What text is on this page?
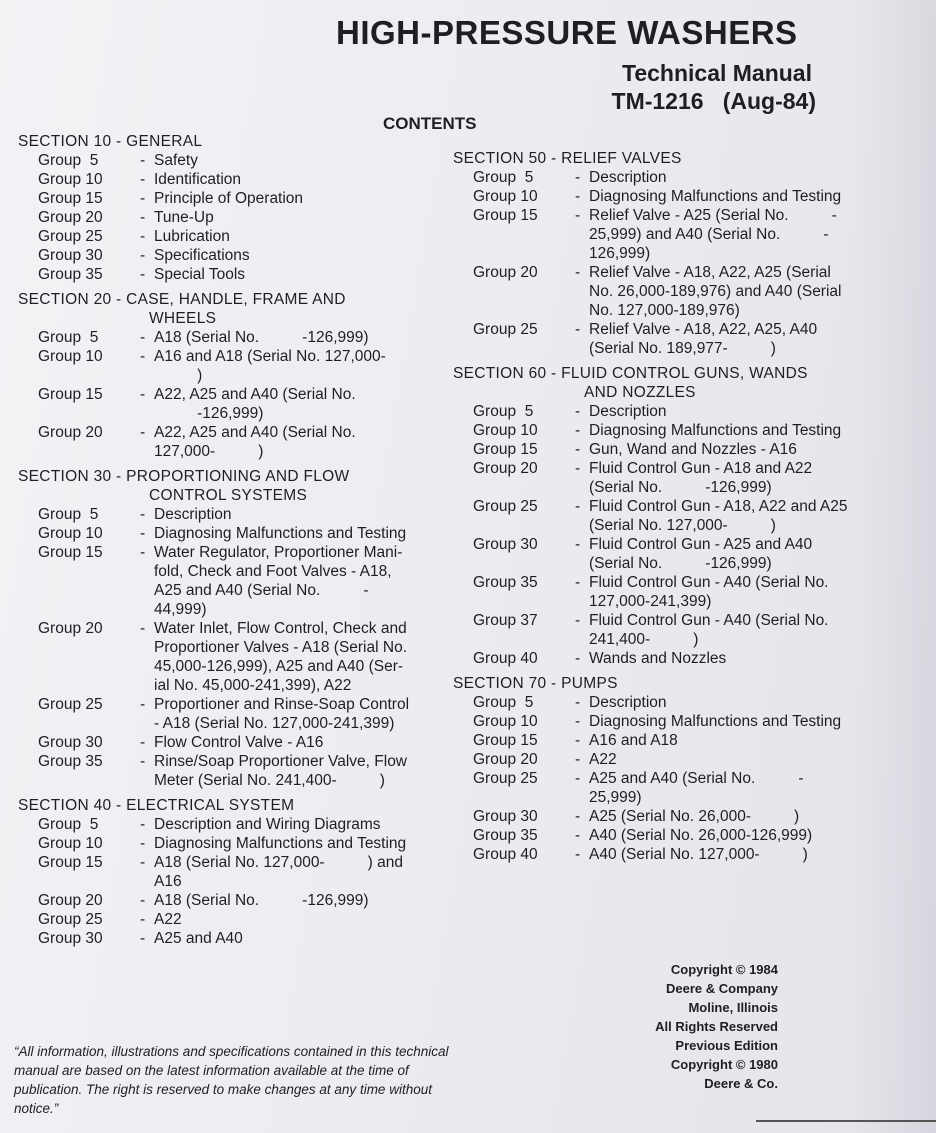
HIGH-PRESSURE WASHERS
Technical Manual
TM-1216   (Aug-84)
CONTENTS
SECTION 10 - GENERAL
Group  5	- Safety
Group 10	- Identification
Group 15	- Principle of Operation
Group 20	- Tune-Up
Group 25	- Lubrication
Group 30	- Specifications
Group 35	- Special Tools
SECTION 20 - CASE, HANDLE, FRAME AND
WHEELS
Group  5	- A18 (Serial No.          -126,999)
Group 10	- A16 and A18 (Serial No. 127,000-
)
Group 15	- A22, A25 and A40 (Serial No.
-126,999)
Group 20	- A22, A25 and A40 (Serial No.
127,000-          )
SECTION 30 - PROPORTIONING AND FLOW
CONTROL SYSTEMS
Group  5	- Description
Group 10	- Diagnosing Malfunctions and Testing
Group 15	- Water Regulator, Proportioner Mani-
fold, Check and Foot Valves - A18,
A25 and A40 (Serial No.          -
44,999)
Group 20	- Water Inlet, Flow Control, Check and
Proportioner Valves - A18 (Serial No.
45,000-126,999), A25 and A40 (Ser-
ial No. 45,000-241,399), A22
Group 25	- Proportioner and Rinse-Soap Control
- A18 (Serial No. 127,000-241,399)
Group 30	- Flow Control Valve - A16
Group 35	- Rinse/Soap Proportioner Valve, Flow
Meter (Serial No. 241,400-          )
SECTION 40 - ELECTRICAL SYSTEM
Group  5	- Description and Wiring Diagrams
Group 10	- Diagnosing Malfunctions and Testing
Group 15	- A18 (Serial No. 127,000-          ) and
A16
Group 20	- A18 (Serial No.          -126,999)
Group 25	- A22
Group 30	- A25 and A40
SECTION 50 - RELIEF VALVES
Group  5	- Description
Group 10	- Diagnosing Malfunctions and Testing
Group 15	- Relief Valve - A25 (Serial No.          -
25,999) and A40 (Serial No.          -
126,999)
Group 20	- Relief Valve - A18, A22, A25 (Serial
No. 26,000-189,976) and A40 (Serial
No. 127,000-189,976)
Group 25	- Relief Valve - A18, A22, A25, A40
(Serial No. 189,977-          )
SECTION 60 - FLUID CONTROL GUNS, WANDS
AND NOZZLES
Group  5	- Description
Group 10	- Diagnosing Malfunctions and Testing
Group 15	- Gun, Wand and Nozzles - A16
Group 20	- Fluid Control Gun - A18 and A22
(Serial No.          -126,999)
Group 25	- Fluid Control Gun - A18, A22 and A25
(Serial No. 127,000-          )
Group 30	- Fluid Control Gun - A25 and A40
(Serial No.          -126,999)
Group 35	- Fluid Control Gun - A40 (Serial No.
127,000-241,399)
Group 37	- Fluid Control Gun - A40 (Serial No.
241,400-          )
Group 40	- Wands and Nozzles
SECTION 70 - PUMPS
Group  5	- Description
Group 10	- Diagnosing Malfunctions and Testing
Group 15	- A16 and A18
Group 20	- A22
Group 25	- A25 and A40 (Serial No.          -
25,999)
Group 30	- A25 (Serial No. 26,000-          )
Group 35	- A40 (Serial No. 26,000-126,999)
Group 40	- A40 (Serial No. 127,000-          )
Copyright © 1984
Deere & Company
Moline, Illinois
All Rights Reserved
Previous Edition
Copyright © 1980
Deere & Co.
“All information, illustrations and specifications contained in this technical manual are based on the latest information available at the time of publication. The right is reserved to make changes at any time without notice.”
